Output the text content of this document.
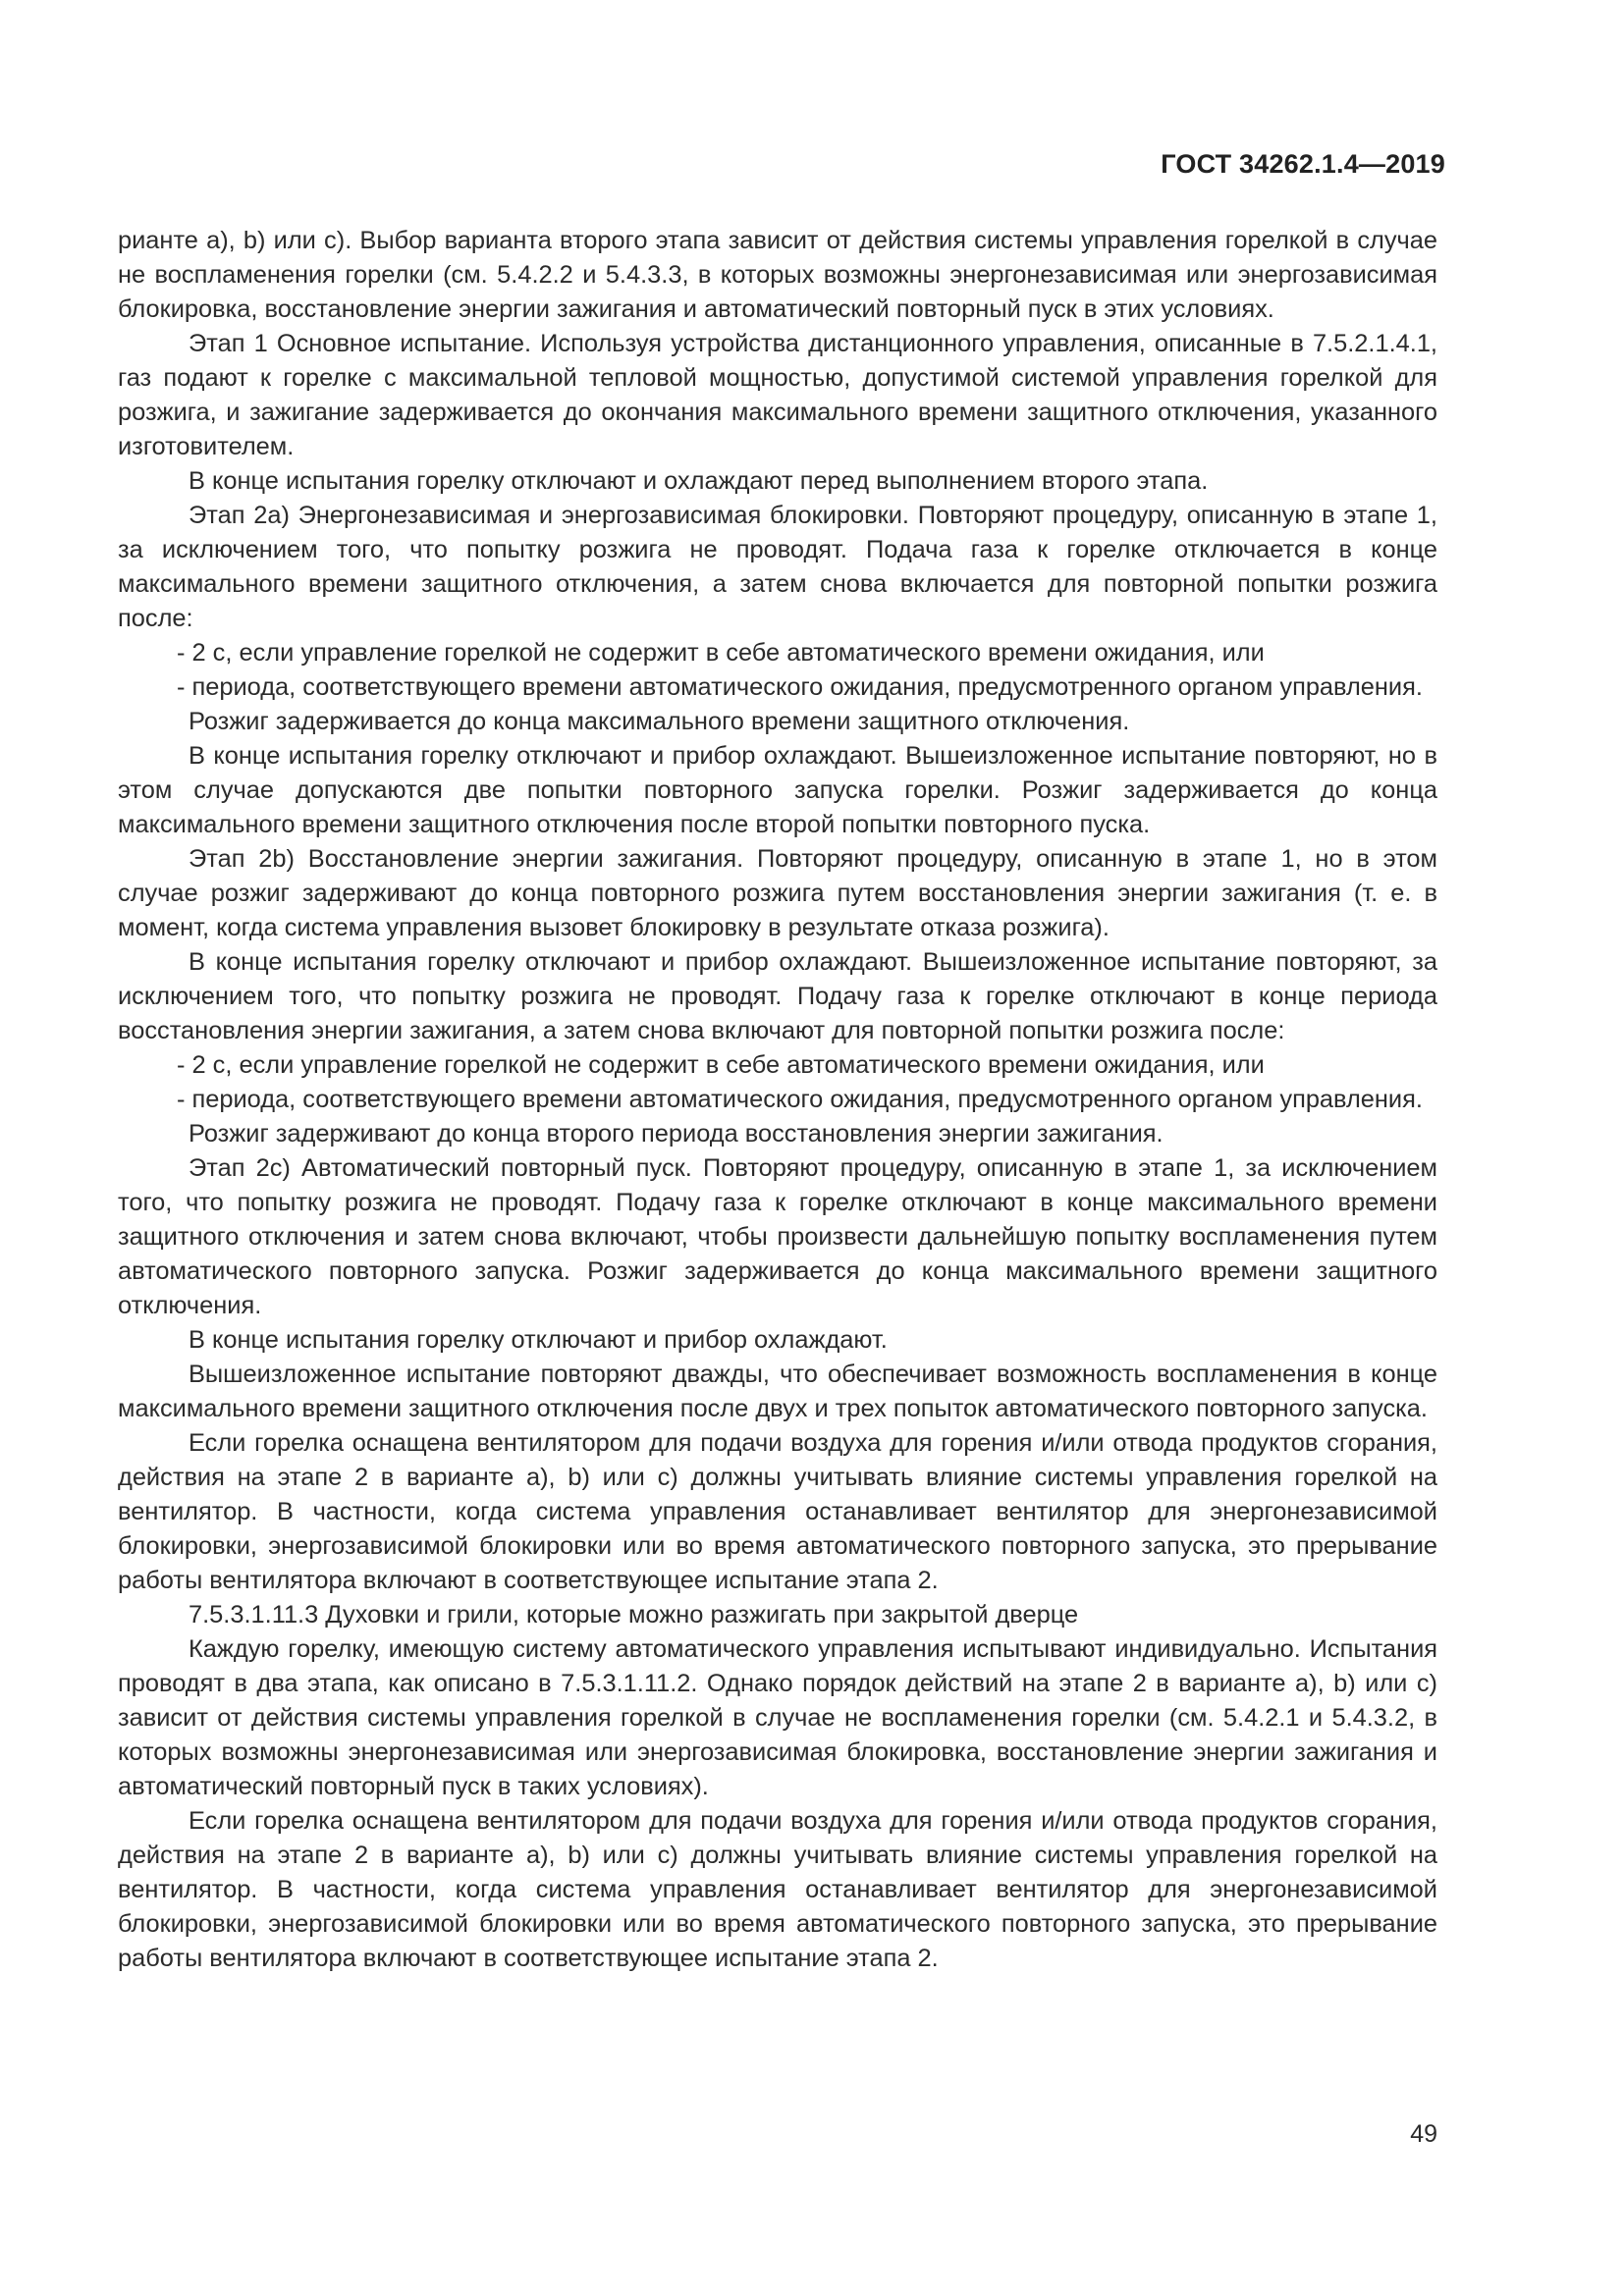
ГОСТ 34262.1.4—2019

рианте a), b) или c). Выбор варианта второго этапа зависит от действия системы управления горелкой в случае не воспламенения горелки (см. 5.4.2.2 и 5.4.3.3, в которых возможны энергонезависимая или энергозависимая блокировка, восстановление энергии зажигания и автоматический повторный пуск в этих условиях.

Этап 1 Основное испытание. Используя устройства дистанционного управления, описанные в 7.5.2.1.4.1, газ подают к горелке с максимальной тепловой мощностью, допустимой системой управления горелкой для розжига, и зажигание задерживается до окончания максимального времени защитного отключения, указанного изготовителем.

В конце испытания горелку отключают и охлаждают перед выполнением второго этапа.

Этап 2a) Энергонезависимая и энергозависимая блокировки. Повторяют процедуру, описанную в этапе 1, за исключением того, что попытку розжига не проводят. Подача газа к горелке отключается в конце максимального времени защитного отключения, а затем снова включается для повторной попытки розжига после:

- 2 с, если управление горелкой не содержит в себе автоматического времени ожидания, или

- периода, соответствующего времени автоматического ожидания, предусмотренного органом управления.

Розжиг задерживается до конца максимального времени защитного отключения.

В конце испытания горелку отключают и прибор охлаждают. Вышеизложенное испытание повторяют, но в этом случае допускаются две попытки повторного запуска горелки. Розжиг задерживается до конца максимального времени защитного отключения после второй попытки повторного пуска.

Этап 2b) Восстановление энергии зажигания. Повторяют процедуру, описанную в этапе 1, но в этом случае розжиг задерживают до конца повторного розжига путем восстановления энергии зажигания (т. е. в момент, когда система управления вызовет блокировку в результате отказа розжига).

В конце испытания горелку отключают и прибор охлаждают. Вышеизложенное испытание повторяют, за исключением того, что попытку розжига не проводят. Подачу газа к горелке отключают в конце периода восстановления энергии зажигания, а затем снова включают для повторной попытки розжига после:

- 2 с, если управление горелкой не содержит в себе автоматического времени ожидания, или

- периода, соответствующего времени автоматического ожидания, предусмотренного органом управления.

Розжиг задерживают до конца второго периода восстановления энергии зажигания.

Этап 2c) Автоматический повторный пуск. Повторяют процедуру, описанную в этапе 1, за исключением того, что попытку розжига не проводят. Подачу газа к горелке отключают в конце максимального времени защитного отключения и затем снова включают, чтобы произвести дальнейшую попытку воспламенения путем автоматического повторного запуска. Розжиг задерживается до конца максимального времени защитного отключения.

В конце испытания горелку отключают и прибор охлаждают.

Вышеизложенное испытание повторяют дважды, что обеспечивает возможность воспламенения в конце максимального времени защитного отключения после двух и трех попыток автоматического повторного запуска.

Если горелка оснащена вентилятором для подачи воздуха для горения и/или отвода продуктов сгорания, действия на этапе 2 в варианте a), b) или c) должны учитывать влияние системы управления горелкой на вентилятор. В частности, когда система управления останавливает вентилятор для энергонезависимой блокировки, энергозависимой блокировки или во время автоматического повторного запуска, это прерывание работы вентилятора включают в соответствующее испытание этапа 2.

7.5.3.1.11.3 Духовки и грили, которые можно разжигать при закрытой дверце

Каждую горелку, имеющую систему автоматического управления испытывают индивидуально. Испытания проводят в два этапа, как описано в 7.5.3.1.11.2. Однако порядок действий на этапе 2 в варианте a), b) или c) зависит от действия системы управления горелкой в случае не воспламенения горелки (см. 5.4.2.1 и 5.4.3.2, в которых возможны энергонезависимая или энергозависимая блокировка, восстановление энергии зажигания и автоматический повторный пуск в таких условиях).

Если горелка оснащена вентилятором для подачи воздуха для горения и/или отвода продуктов сгорания, действия на этапе 2 в варианте a), b) или c) должны учитывать влияние системы управления горелкой на вентилятор. В частности, когда система управления останавливает вентилятор для энергонезависимой блокировки, энергозависимой блокировки или во время автоматического повторного запуска, это прерывание работы вентилятора включают в соответствующее испытание этапа 2.

49
